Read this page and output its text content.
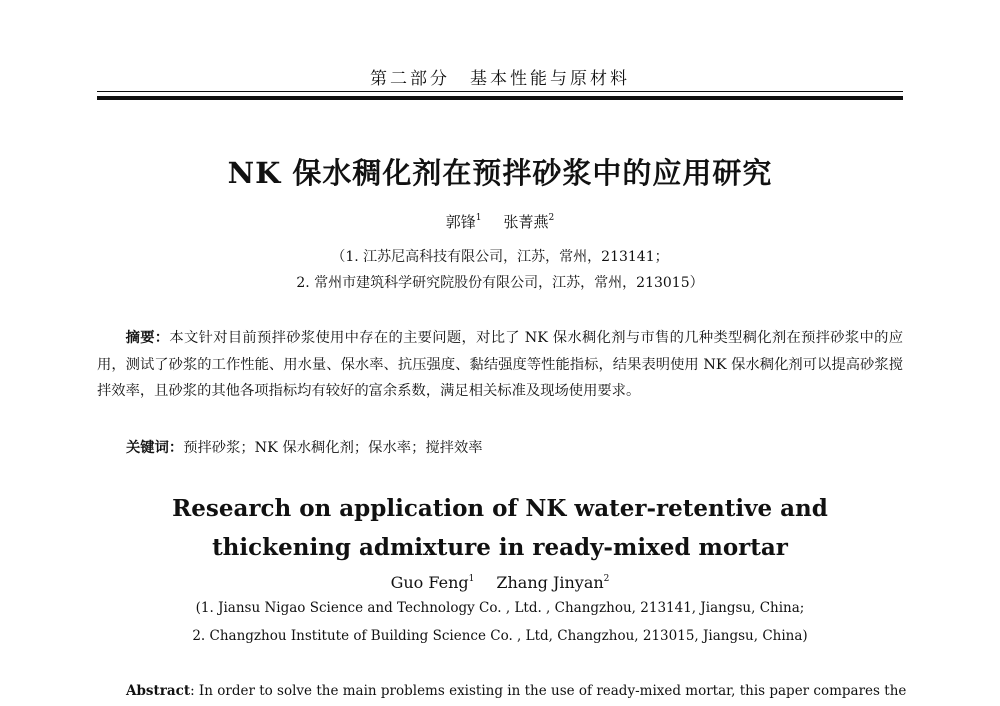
第二部分　基本性能与原材料
NK 保水稠化剂在预拌砂浆中的应用研究
郭锋$^1$ 张菁燕$^2$
（1. 江苏尼高科技有限公司，江苏，常州，213141；
2. 常州市建筑科学研究院股份有限公司，江苏，常州，213015）
摘要：本文针对目前预拌砂浆使用中存在的主要问题，对比了 NK 保水稠化剂与市售的几种类型稠化剂在预拌砂浆中的应用，测试了砂浆的工作性能、用水量、保水率、抗压强度、黏结强度等性能指标，结果表明使用 NK 保水稠化剂可以提高砂浆搅拌效率，且砂浆的其他各项指标均有较好的富余系数，满足相关标准及现场使用要求。
关键词：预拌砂浆；NK 保水稠化剂；保水率；搅拌效率
Research on application of NK water-retentive and
thickening admixture in ready-mixed mortar
Guo Feng$^1$ Zhang Jinyan$^2$
(1. Jiansu Nigao Science and Technology Co. , Ltd. , Changzhou, 213141, Jiangsu, China;
2. Changzhou Institute of Building Science Co. , Ltd, Changzhou, 213015, Jiangsu, China)
Abstract: In order to solve the main problems existing in the use of ready-mixed mortar, this paper compares the
